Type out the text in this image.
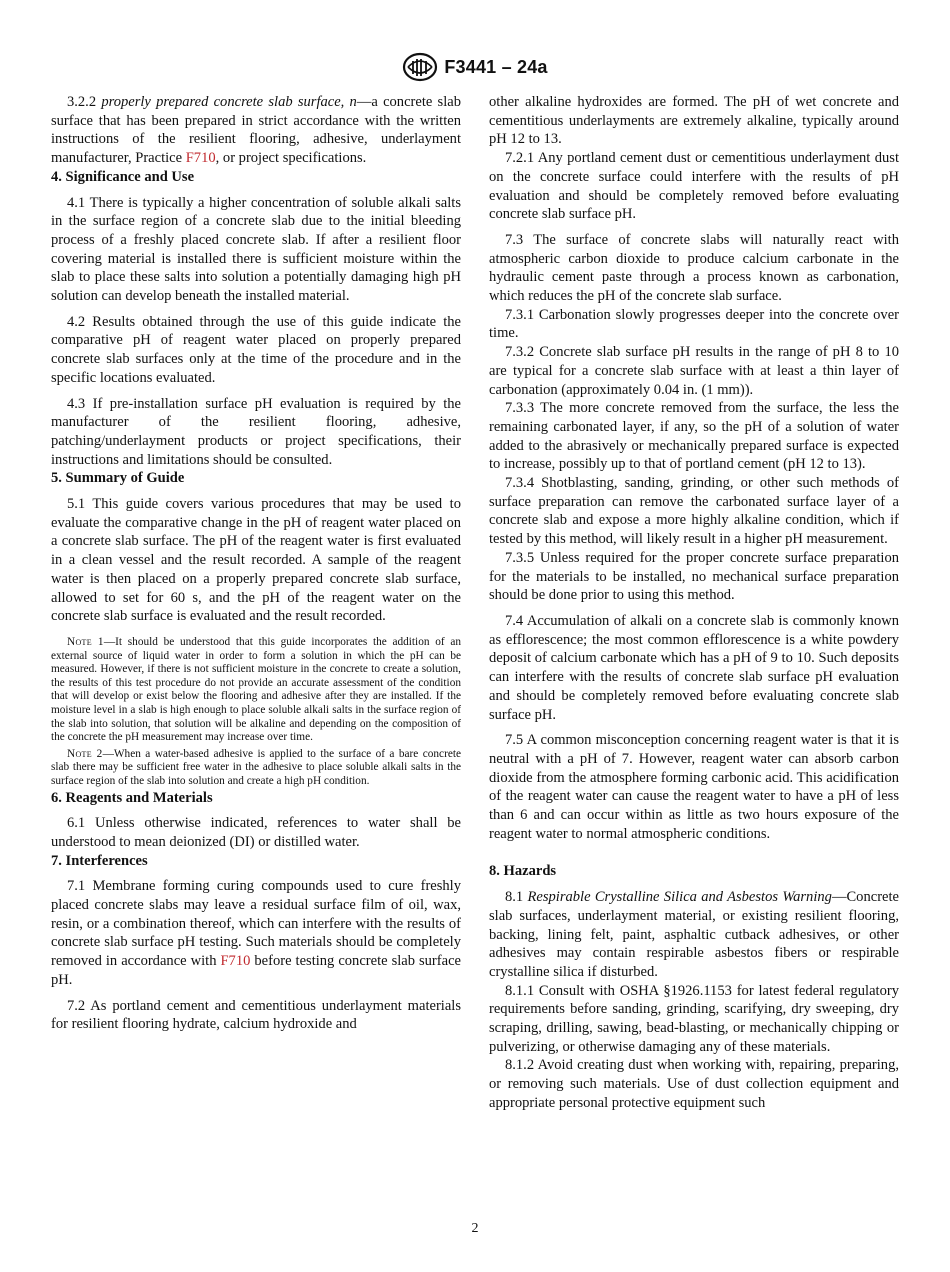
F3441 – 24a

3.2.2 properly prepared concrete slab surface, n—a concrete slab surface that has been prepared in strict accordance with the written instructions of the resilient flooring, adhesive, underlayment manufacturer, Practice F710, or project specifications.

4. Significance and Use

4.1 There is typically a higher concentration of soluble alkali salts in the surface region of a concrete slab due to the initial bleeding process of a freshly placed concrete slab. If after a resilient floor covering material is installed there is sufficient moisture within the slab to place these salts into solution a potentially damaging high pH solution can develop beneath the installed material.

4.2 Results obtained through the use of this guide indicate the comparative pH of reagent water placed on properly prepared concrete slab surfaces only at the time of the procedure and in the specific locations evaluated.

4.3 If pre-installation surface pH evaluation is required by the manufacturer of the resilient flooring, adhesive, patching/underlayment products or project specifications, their instructions and limitations should be consulted.

5. Summary of Guide

5.1 This guide covers various procedures that may be used to evaluate the comparative change in the pH of reagent water placed on a concrete slab surface. The pH of the reagent water is first evaluated in a clean vessel and the result recorded. A sample of the reagent water is then placed on a properly prepared concrete slab surface, allowed to set for 60 s, and the pH of the reagent water on the concrete slab surface is evaluated and the result recorded.

Note 1—It should be understood that this guide incorporates the addition of an external source of liquid water in order to form a solution in which the pH can be measured. However, if there is not sufficient moisture in the concrete to create a solution, the results of this test procedure do not provide an accurate assessment of the condition that will develop or exist below the flooring and adhesive after they are installed. If the moisture level in a slab is high enough to place soluble alkali salts in the surface region of the slab into solution, that solution will be alkaline and depending on the composition of the concrete the pH measurement may increase over time.

Note 2—When a water-based adhesive is applied to the surface of a bare concrete slab there may be sufficient free water in the adhesive to place soluble alkali salts in the surface region of the slab into solution and create a high pH condition.

6. Reagents and Materials

6.1 Unless otherwise indicated, references to water shall be understood to mean deionized (DI) or distilled water.

7. Interferences

7.1 Membrane forming curing compounds used to cure freshly placed concrete slabs may leave a residual surface film of oil, wax, resin, or a combination thereof, which can interfere with the results of concrete slab surface pH testing. Such materials should be completely removed in accordance with F710 before testing concrete slab surface pH.

7.2 As portland cement and cementitious underlayment materials for resilient flooring hydrate, calcium hydroxide and

other alkaline hydroxides are formed. The pH of wet concrete and cementitious underlayments are extremely alkaline, typically around pH 12 to 13.

7.2.1 Any portland cement dust or cementitious underlayment dust on the concrete surface could interfere with the results of pH evaluation and should be completely removed before evaluating concrete slab surface pH.

7.3 The surface of concrete slabs will naturally react with atmospheric carbon dioxide to produce calcium carbonate in the hydraulic cement paste through a process known as carbonation, which reduces the pH of the concrete slab surface.

7.3.1 Carbonation slowly progresses deeper into the concrete over time.

7.3.2 Concrete slab surface pH results in the range of pH 8 to 10 are typical for a concrete slab surface with at least a thin layer of carbonation (approximately 0.04 in. (1 mm)).

7.3.3 The more concrete removed from the surface, the less the remaining carbonated layer, if any, so the pH of a solution of water added to the abrasively or mechanically prepared surface is expected to increase, possibly up to that of portland cement (pH 12 to 13).

7.3.4 Shotblasting, sanding, grinding, or other such methods of surface preparation can remove the carbonated surface layer of a concrete slab and expose a more highly alkaline condition, which if tested by this method, will likely result in a higher pH measurement.

7.3.5 Unless required for the proper concrete surface preparation for the materials to be installed, no mechanical surface preparation should be done prior to using this method.

7.4 Accumulation of alkali on a concrete slab is commonly known as efflorescence; the most common efflorescence is a white powdery deposit of calcium carbonate which has a pH of 9 to 10. Such deposits can interfere with the results of concrete slab surface pH evaluation and should be completely removed before evaluating concrete slab surface pH.

7.5 A common misconception concerning reagent water is that it is neutral with a pH of 7. However, reagent water can absorb carbon dioxide from the atmosphere forming carbonic acid. This acidification of the reagent water can cause the reagent water to have a pH of less than 6 and can occur within as little as two hours exposure of the reagent water to normal atmospheric conditions.

8. Hazards

8.1 Respirable Crystalline Silica and Asbestos Warning—Concrete slab surfaces, underlayment material, or existing resilient flooring, backing, lining felt, paint, asphaltic cutback adhesives, or other adhesives may contain respirable asbestos fibers or respirable crystalline silica if disturbed.

8.1.1 Consult with OSHA §1926.1153 for latest federal regulatory requirements before sanding, grinding, scarifying, dry sweeping, dry scraping, drilling, sawing, bead-blasting, or mechanically chipping or pulverizing, or otherwise damaging any of these materials.

8.1.2 Avoid creating dust when working with, repairing, preparing, or removing such materials. Use of dust collection equipment and appropriate personal protective equipment such

2
